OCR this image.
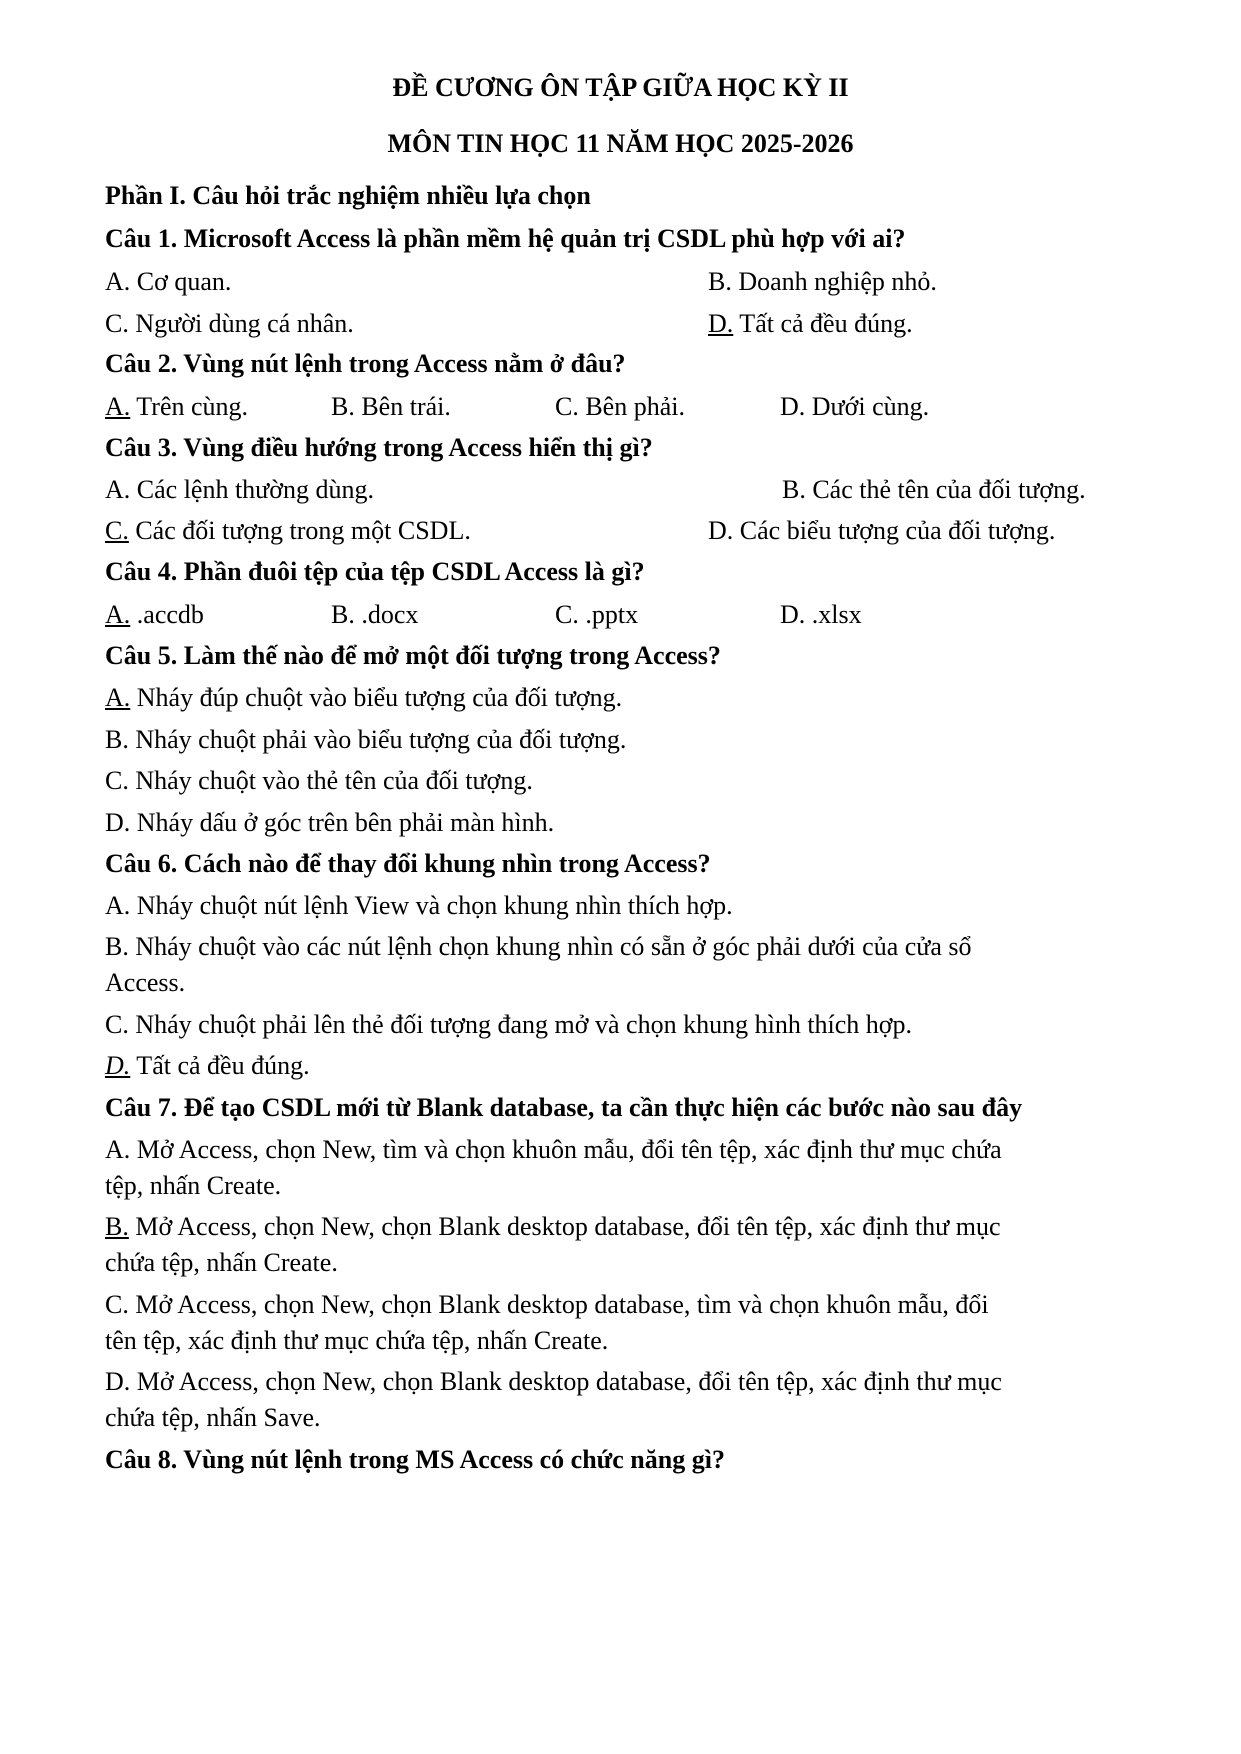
ĐỀ CƯƠNG ÔN TẬP GIỮA HỌC KỲ II
MÔN TIN HỌC 11 NĂM HỌC 2025-2026
Phần I. Câu hỏi trắc nghiệm nhiều lựa chọn
Câu 1. Microsoft Access là phần mềm hệ quản trị CSDL phù hợp với ai?
A. Cơ quan.	B. Doanh nghiệp nhỏ.
C. Người dùng cá nhân.	D. Tất cả đều đúng.
Câu 2. Vùng nút lệnh trong Access nằm ở đâu?
A. Trên cùng.	B. Bên trái.	C. Bên phải.	D. Dưới cùng.
Câu 3. Vùng điều hướng trong Access hiển thị gì?
A. Các lệnh thường dùng.	B. Các thẻ tên của đối tượng.
C. Các đối tượng trong một CSDL.	D. Các biểu tượng của đối tượng.
Câu 4. Phần đuôi tệp của tệp CSDL Access là gì?
A. .accdb	B. .docx	C. .pptx	D. .xlsx
Câu 5. Làm thế nào để mở một đối tượng trong Access?
A. Nháy đúp chuột vào biểu tượng của đối tượng.
B. Nháy chuột phải vào biểu tượng của đối tượng.
C. Nháy chuột vào thẻ tên của đối tượng.
D. Nháy dấu ở góc trên bên phải màn hình.
Câu 6. Cách nào để thay đổi khung nhìn trong Access?
A. Nháy chuột nút lệnh View và chọn khung nhìn thích hợp.
B. Nháy chuột vào các nút lệnh chọn khung nhìn có sẵn ở góc phải dưới của cửa sổ
Access.
C. Nháy chuột phải lên thẻ đối tượng đang mở và chọn khung hình thích hợp.
D. Tất cả đều đúng.
Câu 7. Để tạo CSDL mới từ Blank database, ta cần thực hiện các bước nào sau đây
A. Mở Access, chọn New, tìm và chọn khuôn mẫu, đổi tên tệp, xác định thư mục chứa
tệp, nhấn Create.
B. Mở Access, chọn New, chọn Blank desktop database, đổi tên tệp, xác định thư mục
chứa tệp, nhấn Create.
C. Mở Access, chọn New, chọn Blank desktop database, tìm và chọn khuôn mẫu, đổi
tên tệp, xác định thư mục chứa tệp, nhấn Create.
D. Mở Access, chọn New, chọn Blank desktop database, đổi tên tệp, xác định thư mục
chứa tệp, nhấn Save.
Câu 8. Vùng nút lệnh trong MS Access có chức năng gì?
